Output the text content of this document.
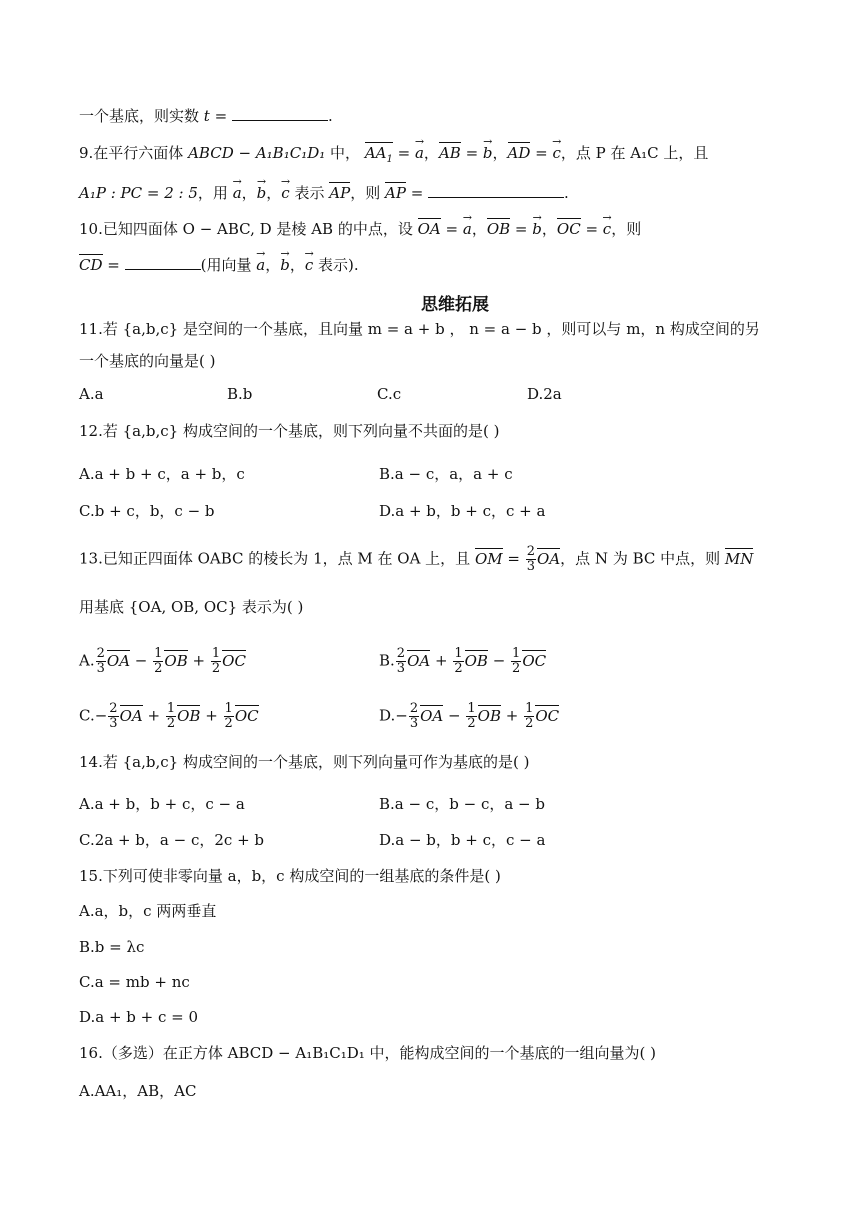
一个基底，则实数 t =	.
9.在平行六面体 ABCD − A₁B₁C₁D₁ 中， $AA_1$ = → a，AB = → b，AD = → c，点 P 在 A₁C 上，且
A₁P : PC = 2 : 5，用 → a，→ b，→ c 表示 AP，则 AP =	.
10.已知四面体 O − ABC, D 是棱 AB 的中点，设 OA = → a，OB = → b，OC = → c，则
CD =	(用向量 → a，→ b，→ c 表示).
思维拓展
11.若 {a,b,c} 是空间的一个基底，且向量 m = a + b ， n = a − b ，则可以与 m，n 构成空间的另
一个基底的向量是( )
A.a	B.b	C.c	D.2a
12.若 {a,b,c} 构成空间的一个基底，则下列向量不共面的是( )
A.a + b + c，a + b，c	B.a − c，a，a + c
C.b + c，b，c − b	D.a + b，b + c，c + a
13.已知正四面体 OABC 的棱长为 1，点 M 在 OA 上，且 OM = $\frac{2}{3}$ OA，点 N 为 BC 中点，则 MN
用基底 {OA, OB, OC} 表示为( )
A. $\frac{2}{3}$ OA − $\frac{1}{2}$ OB + $\frac{1}{2}$ OC	B. $\frac{2}{3}$ OA + $\frac{1}{2}$ OB − $\frac{1}{2}$ OC
$C.- \frac{2}{3}$ OA + $\frac{1}{2}$ OB + $\frac{1}{2}$ OC	$D.- \frac{2}{3}$ OA − $\frac{1}{2}$ OB + $\frac{1}{2}$ OC
14.若 {a,b,c} 构成空间的一个基底，则下列向量可作为基底的是( )
A.a + b，b + c，c − a	B.a − c，b − c，a − b
C.2a + b，a − c，2c + b	D.a − b，b + c，c − a
15.下列可使非零向量 a，b，c 构成空间的一组基底的条件是( )
A.a，b，c 两两垂直
B.b = λc
C.a = mb + nc
D.a + b + c = 0
16.（多选）在正方体 ABCD − A₁B₁C₁D₁ 中，能构成空间的一个基底的一组向量为( )
A.AA₁，AB，AC
